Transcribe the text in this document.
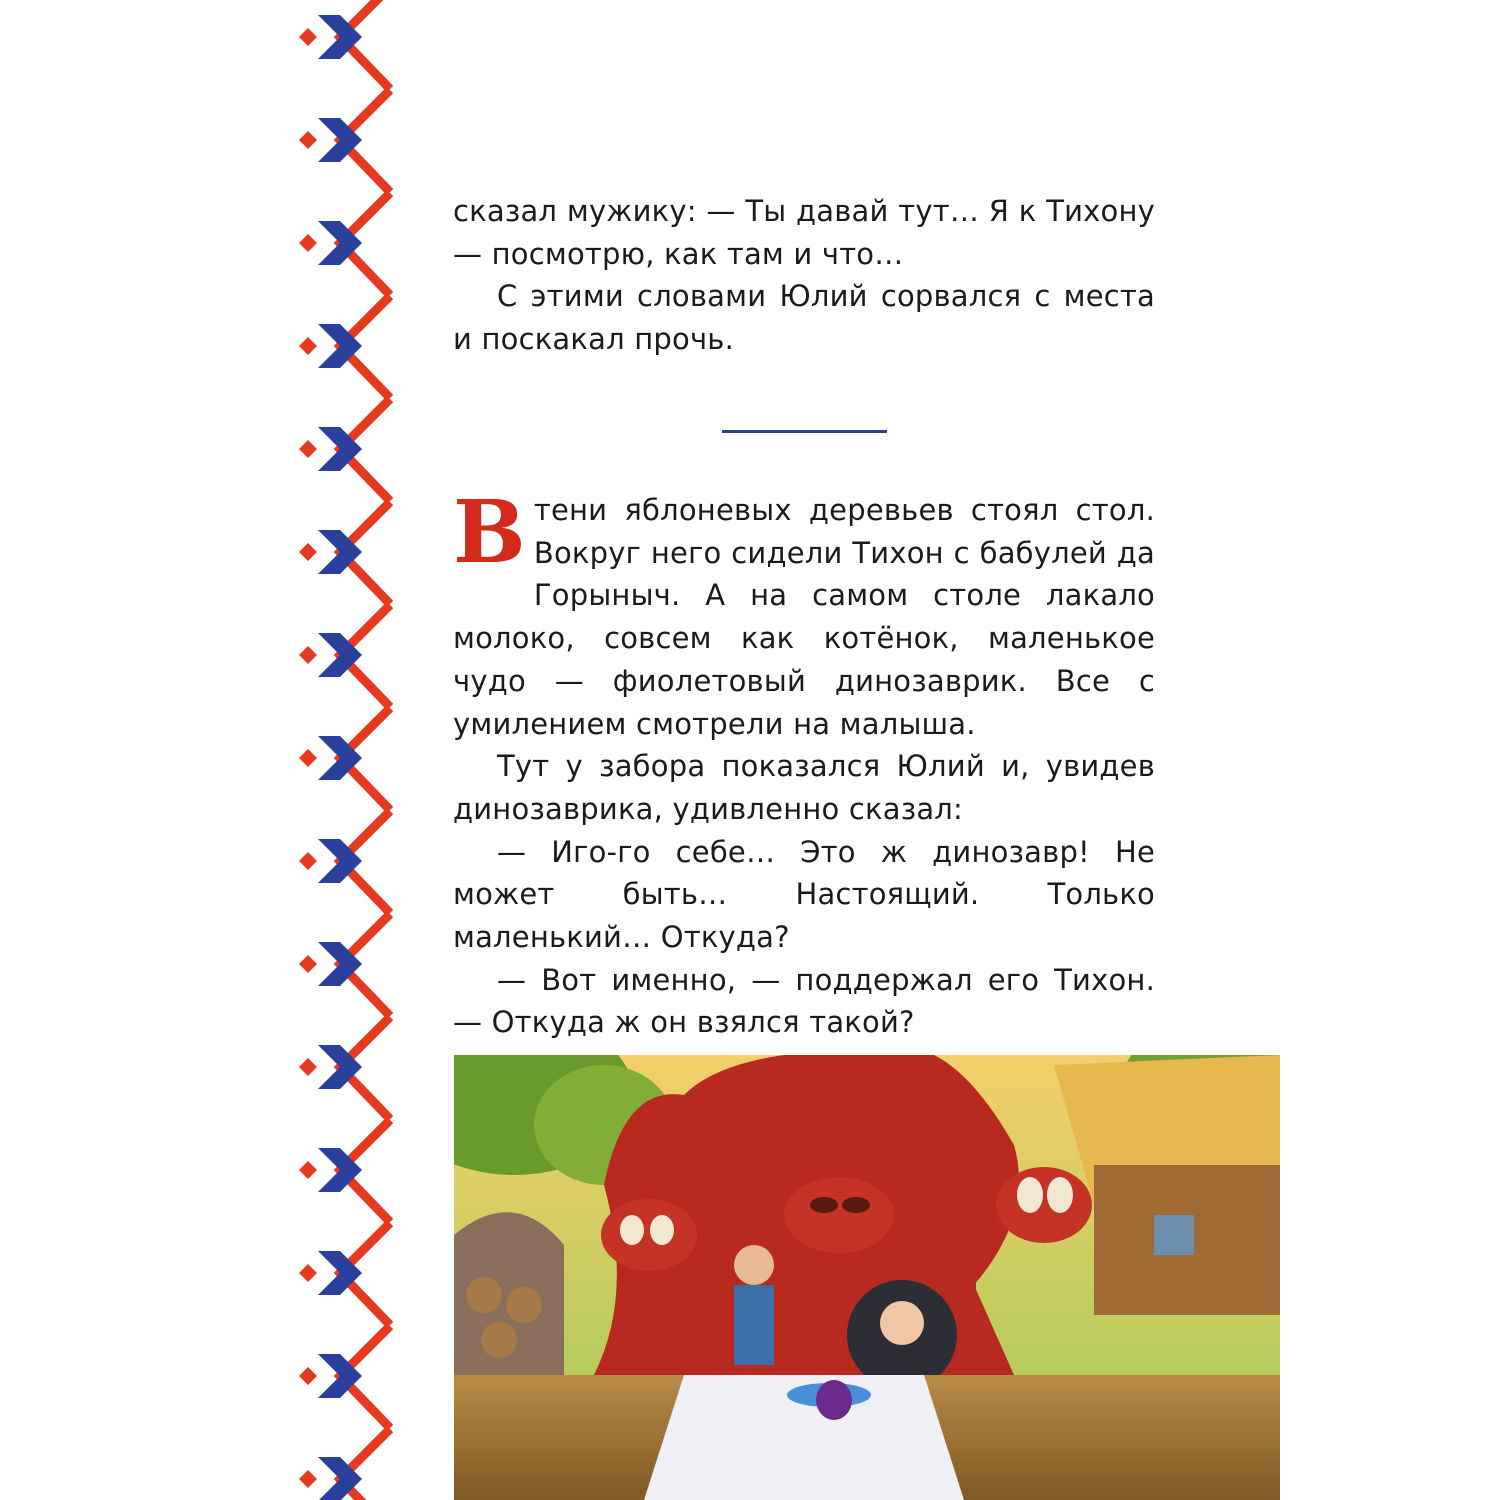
сказал мужику: — Ты давай тут… Я к Тихону — посмотрю, как там и что…

С этими словами Юлий сорвался с места и поскакал прочь.

В тени яблоневых деревьев стоял стол. Вокруг него сидели Тихон с бабулей да Горыныч. А на самом столе лакало молоко, совсем как котёнок, маленькое чудо — фиолетовый динозаврик. Все с умилением смотрели на малыша.

Тут у забора показался Юлий и, увидев динозаврика, удивленно сказал:

— Иго-го себе… Это ж динозавр! Не может быть… Настоящий. Только маленький… Откуда?

— Вот именно, — поддержал его Тихон. — Откуда ж он взялся такой?
